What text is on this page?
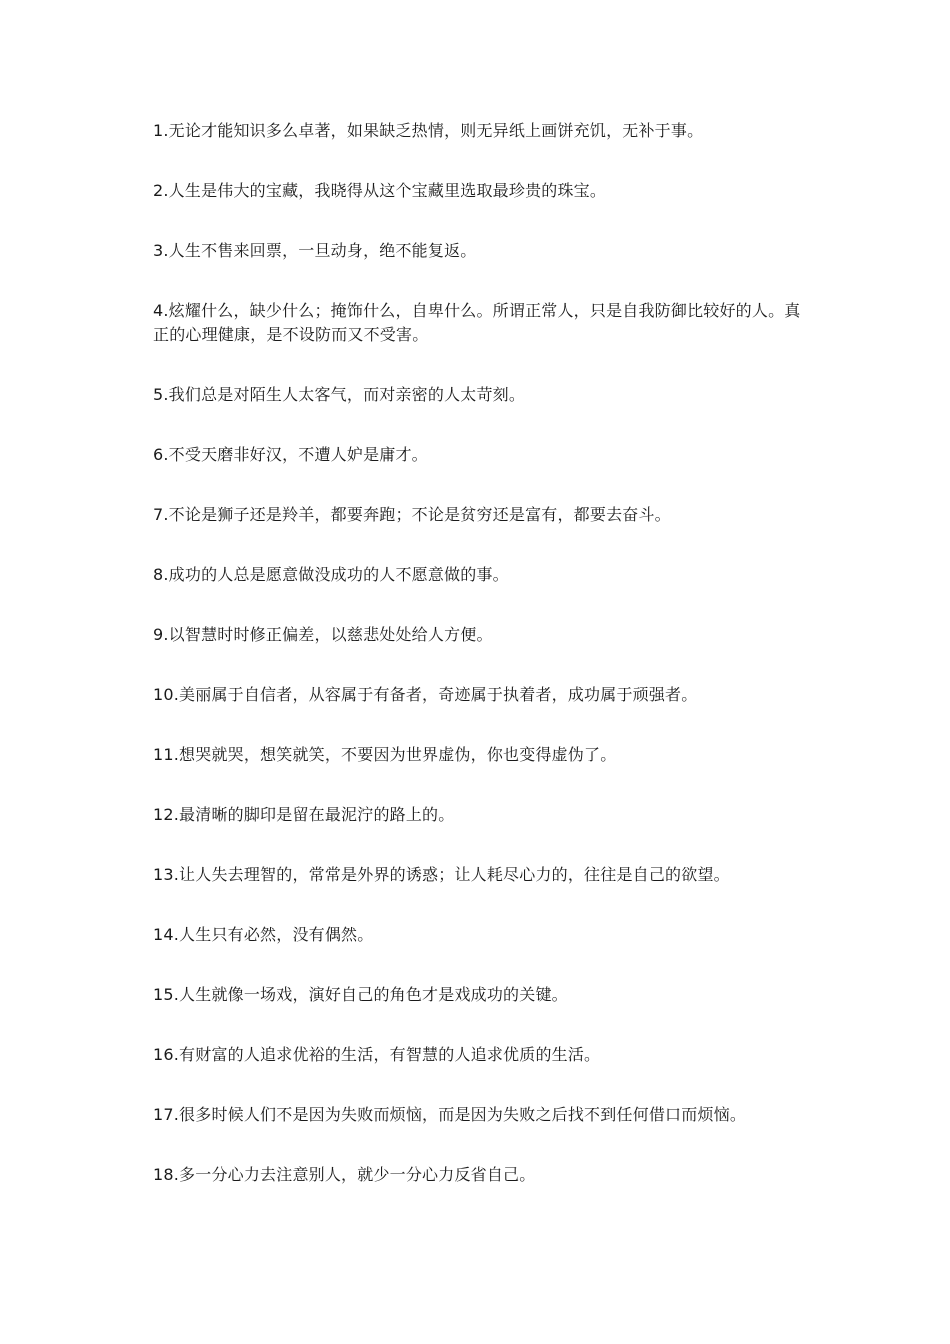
1.无论才能知识多么卓著，如果缺乏热情，则无异纸上画饼充饥，无补于事。
2.人生是伟大的宝藏，我晓得从这个宝藏里选取最珍贵的珠宝。
3.人生不售来回票，一旦动身，绝不能复返。
4.炫耀什么，缺少什么；掩饰什么，自卑什么。所谓正常人，只是自我防御比较好的人。真正的心理健康，是不设防而又不受害。
5.我们总是对陌生人太客气，而对亲密的人太苛刻。
6.不受天磨非好汉，不遭人妒是庸才。
7.不论是狮子还是羚羊，都要奔跑；不论是贫穷还是富有，都要去奋斗。
8.成功的人总是愿意做没成功的人不愿意做的事。
9.以智慧时时修正偏差，以慈悲处处给人方便。
10.美丽属于自信者，从容属于有备者，奇迹属于执着者，成功属于顽强者。
11.想哭就哭，想笑就笑，不要因为世界虚伪，你也变得虚伪了。
12.最清晰的脚印是留在最泥泞的路上的。
13.让人失去理智的，常常是外界的诱惑；让人耗尽心力的，往往是自己的欲望。
14.人生只有必然，没有偶然。
15.人生就像一场戏，演好自己的角色才是戏成功的关键。
16.有财富的人追求优裕的生活，有智慧的人追求优质的生活。
17.很多时候人们不是因为失败而烦恼，而是因为失败之后找不到任何借口而烦恼。
18.多一分心力去注意别人，就少一分心力反省自己。
